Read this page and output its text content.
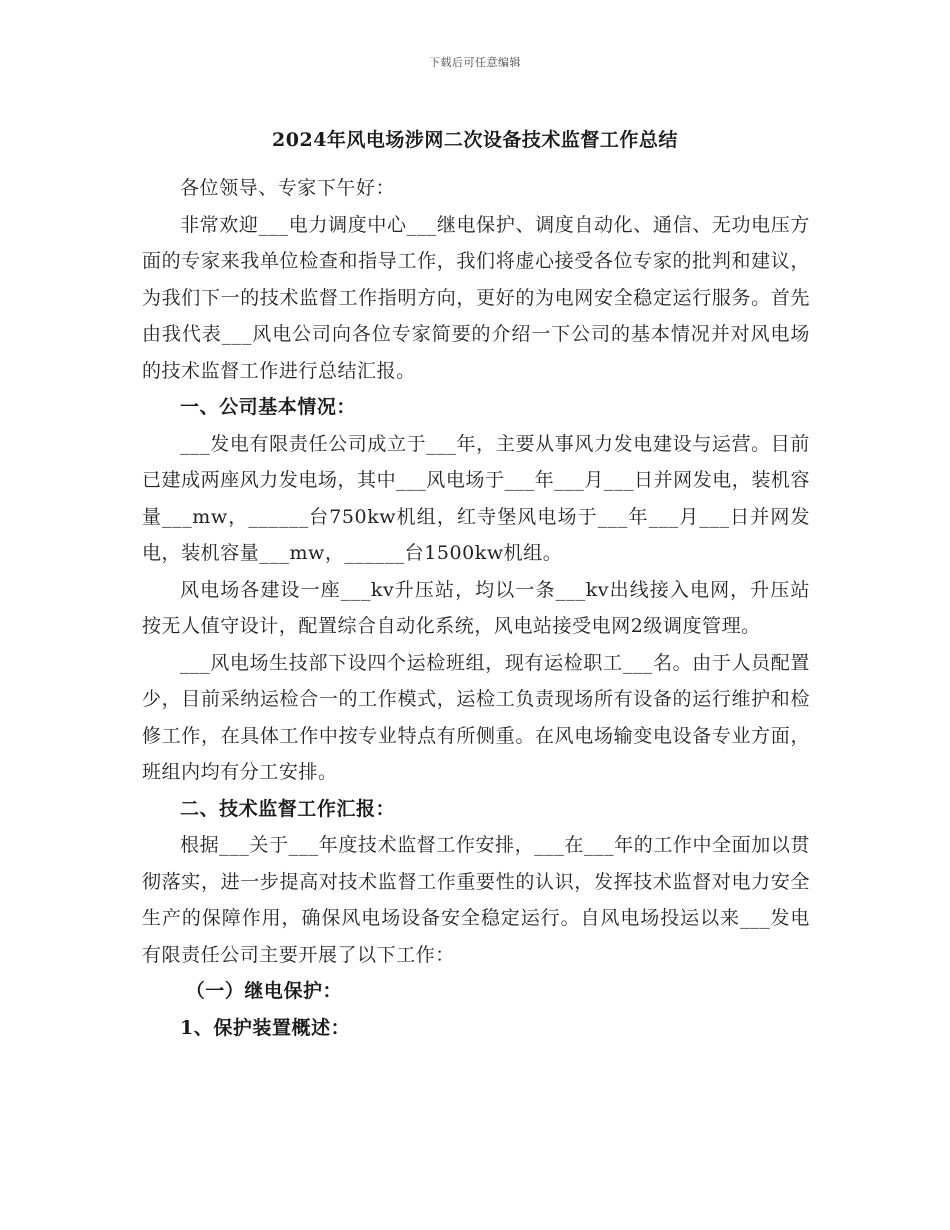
下载后可任意编辑
2024年风电场涉网二次设备技术监督工作总结

各位领导、专家下午好：

非常欢迎___电力调度中心___继电保护、调度自动化、通信、无功电压方面的专家来我单位检查和指导工作，我们将虚心接受各位专家的批判和建议，为我们下一的技术监督工作指明方向，更好的为电网安全稳定运行服务。首先由我代表___风电公司向各位专家简要的介绍一下公司的基本情况并对风电场的技术监督工作进行总结汇报。

一、公司基本情况：

___发电有限责任公司成立于___年，主要从事风力发电建设与运营。目前已建成两座风力发电场，其中___风电场于___年___月___日并网发电，装机容量___mw，______台750kw机组，红寺堡风电场于___年___月___日并网发电，装机容量___mw，______台1500kw机组。

风电场各建设一座___kv升压站，均以一条___kv出线接入电网，升压站按无人值守设计，配置综合自动化系统，风电站接受电网2级调度管理。

___风电场生技部下设四个运检班组，现有运检职工___名。由于人员配置少，目前采纳运检合一的工作模式，运检工负责现场所有设备的运行维护和检修工作，在具体工作中按专业特点有所侧重。在风电场输变电设备专业方面，班组内均有分工安排。

二、技术监督工作汇报：

根据___关于___年度技术监督工作安排，___在___年的工作中全面加以贯彻落实，进一步提高对技术监督工作重要性的认识，发挥技术监督对电力安全生产的保障作用，确保风电场设备安全稳定运行。自风电场投运以来___发电有限责任公司主要开展了以下工作：

（一）继电保护：
1、保护装置概述：
